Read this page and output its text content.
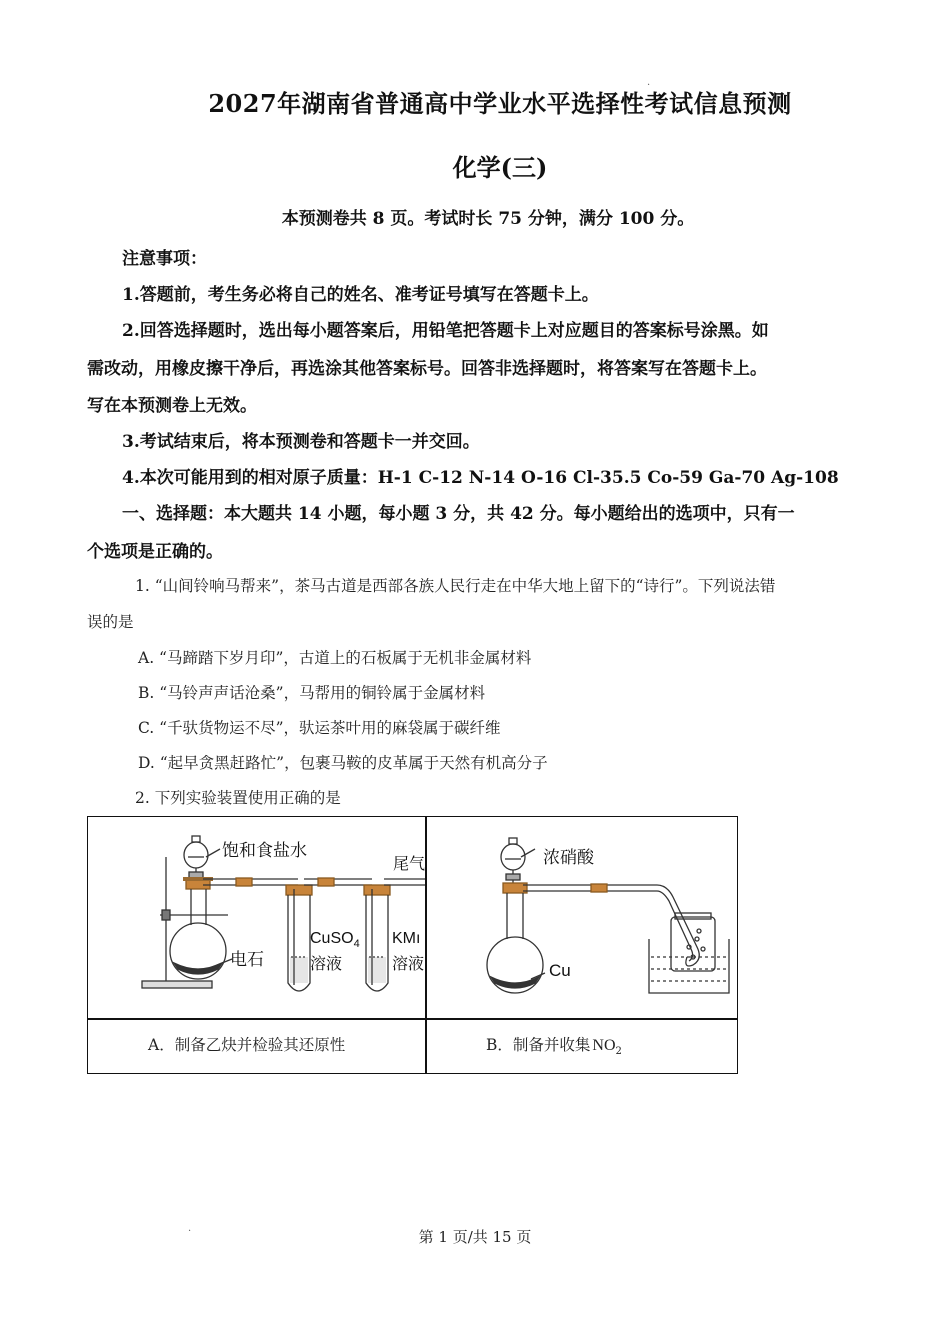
2027年湖南省普通高中学业水平选择性考试信息预测
·
化学(三)
本预测卷共 8 页。考试时长 75 分钟，满分 100 分。
注意事项：
1.答题前，考生务必将自己的姓名、准考证号填写在答题卡上。
2.回答选择题时，选出每小题答案后，用铅笔把答题卡上对应题目的答案标号涂黑。如
需改动，用橡皮擦干净后，再选涂其他答案标号。回答非选择题时，将答案写在答题卡上。
写在本预测卷上无效。
3.考试结束后，将本预测卷和答题卡一并交回。
4.本次可能用到的相对原子质量：H-1 C-12 N-14 O-16 Cl-35.5 Co-59 Ga-70 Ag-108
一、选择题：本大题共 14 小题，每小题 3 分，共 42 分。每小题给出的选项中，只有一
个选项是正确的。
1. “山间铃响马帮来”，茶马古道是西部各族人民行走在中华大地上留下的“诗行”。下列说法错
误的是
A. “马蹄踏下岁月印”，古道上的石板属于无机非金属材料
B. “马铃声声话沧桑”，马帮用的铜铃属于金属材料
C. “千驮货物运不尽”，驮运茶叶用的麻袋属于碳纤维
D. “起早贪黑赶路忙”，包裹马鞍的皮革属于天然有机高分子
2. 下列实验装置使用正确的是
饱和食盐水
电石
CuSO$_4$
溶液
KMı
溶液
尾气	浓硝酸
Cu
A．制备乙炔并检验其还原性	B．制备并收集 $NO_2$
·	第 1 页/共 15 页
